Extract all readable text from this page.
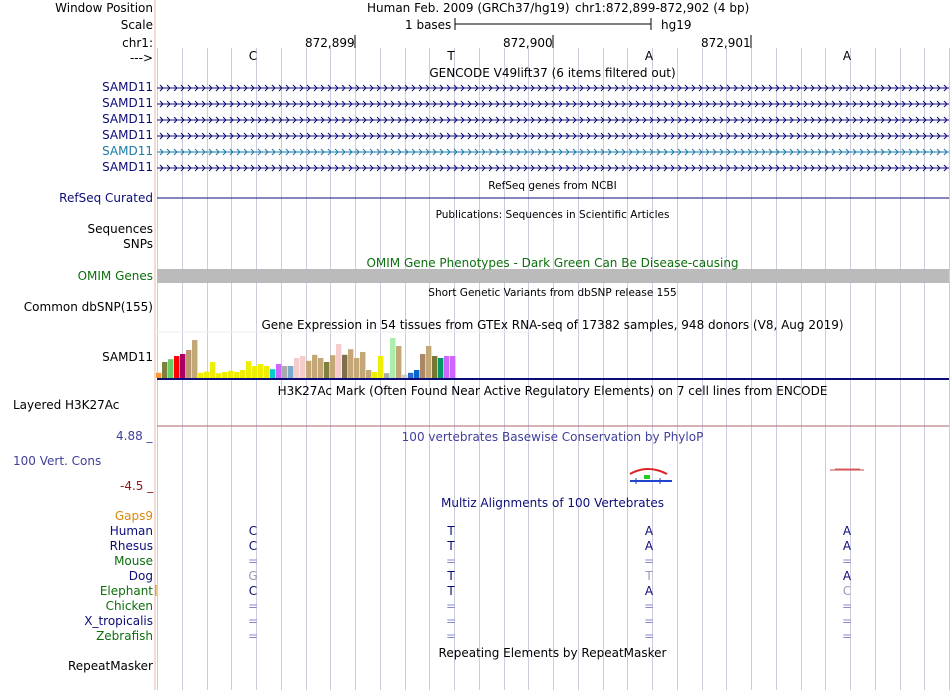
Window Position
Scale
chr1:
--->
Human Feb. 2009 (GRCh37/hg19) chr1:872,899-872,902 (4 bp)
1 bases	hg19
872,899	872,900	872,901
C	T	A	A
GENCODE V49lift37 (6 items filtered out)
SAMD11
SAMD11
SAMD11
SAMD11
SAMD11
SAMD11
RefSeq genes from NCBI
RefSeq Curated
Publications: Sequences in Scientific Articles
Sequences
SNPs
OMIM Gene Phenotypes - Dark Green Can Be Disease-causing
OMIM Genes
Short Genetic Variants from dbSNP release 155
Common dbSNP(155)
Gene Expression in 54 tissues from GTEx RNA-seq of 17382 samples, 948 donors (V8, Aug 2019)
SAMD11
H3K27Ac Mark (Often Found Near Active Regulatory Elements) on 7 cell lines from ENCODE
Layered H3K27Ac
100 vertebrates Basewise Conservation by PhyloP
4.88 _
100 Vert. Cons
-4.5 _
Multiz Alignments of 100 Vertebrates
Gaps9
Human	C	T	A	A
Rhesus	C	T	A	A
Mouse	=	=	=	=
Dog	G	T	T	A
Elephant	C	T	A	C
Chicken	=	=	=	=
X_tropicalis	=	=	=	=
Zebrafish	=	=	=	=
Repeating Elements by RepeatMasker
RepeatMasker
